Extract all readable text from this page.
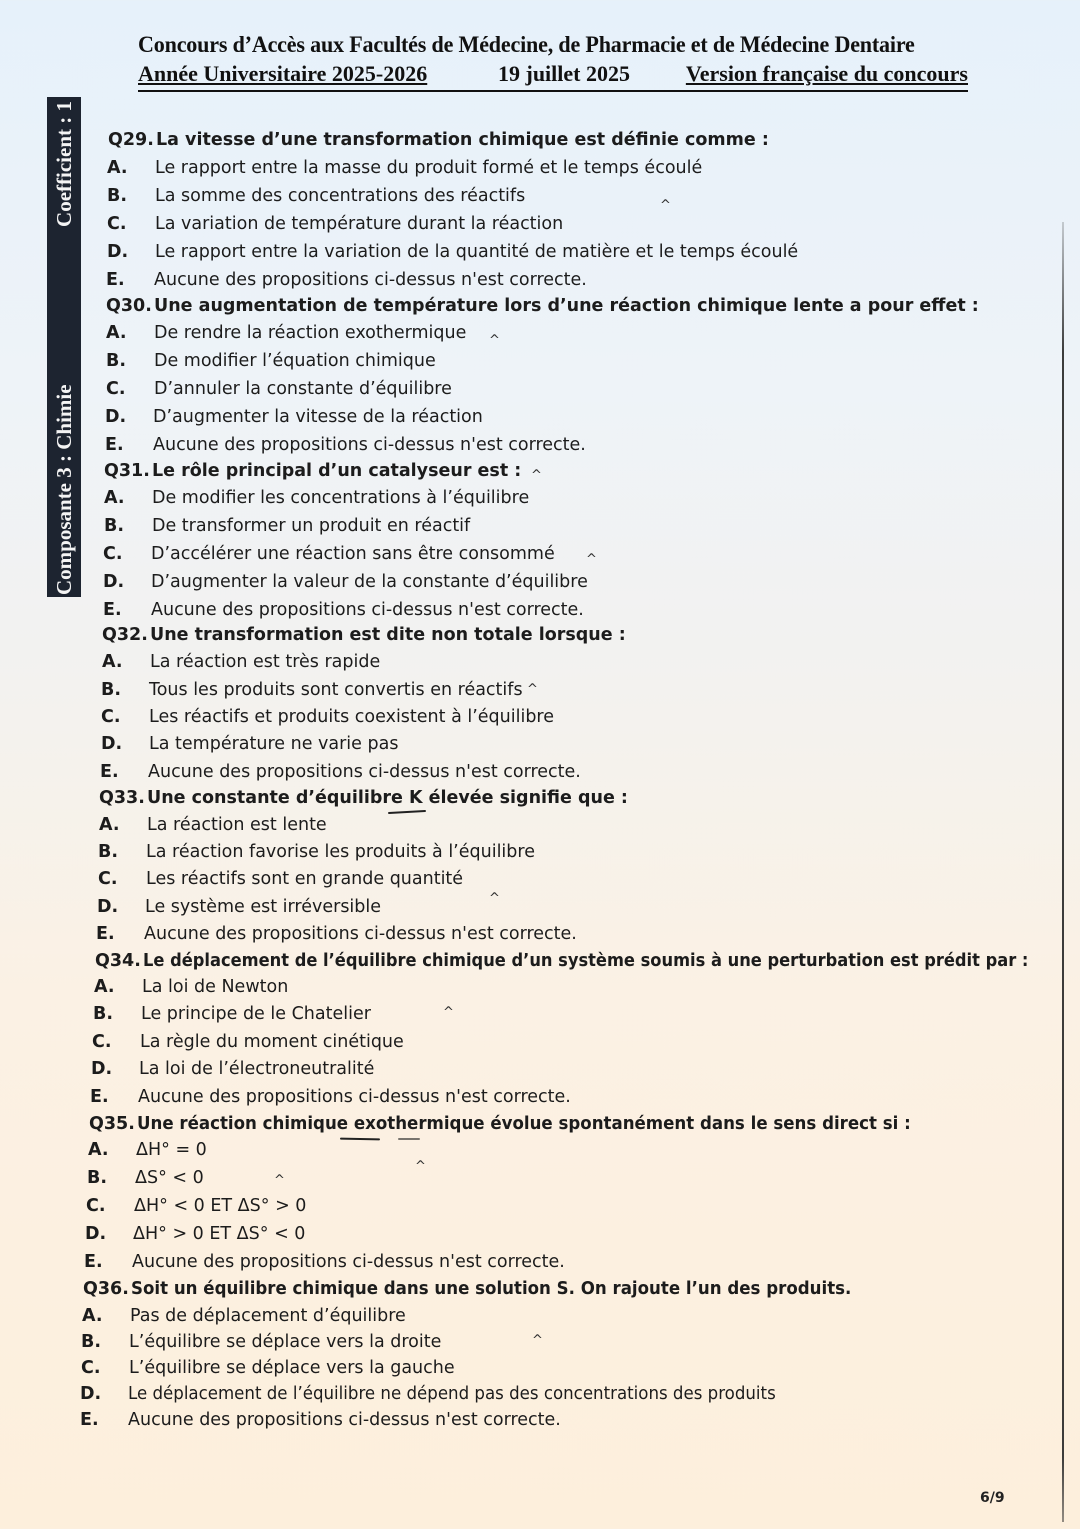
Concours d’Accès aux Facultés de Médecine, de Pharmacie et de Médecine Dentaire
Année Universitaire 2025-2026	19 juillet 2025	Version française du concours
Composante 3 : Chimie
Coefficient : 1 Q29. La vitesse d’une transformation chimique est définie comme :
A. Le rapport entre la masse du produit formé et le temps écoulé
B. La somme des concentrations des réactifs
C. La variation de température durant la réaction
D. Le rapport entre la variation de la quantité de matière et le temps écoulé
E. Aucune des propositions ci-dessus n'est correcte.
^
Q30. Une augmentation de température lors d’une réaction chimique lente a pour effet :
A. De rendre la réaction exothermique
B. De modifier l’équation chimique
C. D’annuler la constante d’équilibre
D. D’augmenter la vitesse de la réaction
E. Aucune des propositions ci-dessus n'est correcte.
^
Q31. Le rôle principal d’un catalyseur est :
A. De modifier les concentrations à l’équilibre
B. De transformer un produit en réactif
C. D’accélérer une réaction sans être consommé
D. D’augmenter la valeur de la constante d’équilibre
E. Aucune des propositions ci-dessus n'est correcte.
^
^
Q32. Une transformation est dite non totale lorsque :
A. La réaction est très rapide
B. Tous les produits sont convertis en réactifs
C. Les réactifs et produits coexistent à l’équilibre
D. La température ne varie pas
E. Aucune des propositions ci-dessus n'est correcte.
^
Q33. Une constante d’équilibre K élevée signifie que :
A. La réaction est lente
B. La réaction favorise les produits à l’équilibre
C. Les réactifs sont en grande quantité
D. Le système est irréversible
E. Aucune des propositions ci-dessus n'est correcte.
^
Q34. Le déplacement de l’équilibre chimique d’un système soumis à une perturbation est prédit par :
A. La loi de Newton
B. Le principe de le Chatelier
C. La règle du moment cinétique
D. La loi de l’électroneutralité
E. Aucune des propositions ci-dessus n'est correcte.
^
Q35. Une réaction chimique exothermique évolue spontanément dans le sens direct si :
A. ΔH° = 0
B. ΔS° < 0
C. ΔH° < 0 ET ΔS° > 0
D. ΔH° > 0 ET ΔS° < 0
E. Aucune des propositions ci-dessus n'est correcte.
^
^
Q36. Soit un équilibre chimique dans une solution S. On rajoute l’un des produits.
A. Pas de déplacement d’équilibre
B. L’équilibre se déplace vers la droite
C. L’équilibre se déplace vers la gauche
D. Le déplacement de l’équilibre ne dépend pas des concentrations des produits
E. Aucune des propositions ci-dessus n'est correcte.
^
6/9
